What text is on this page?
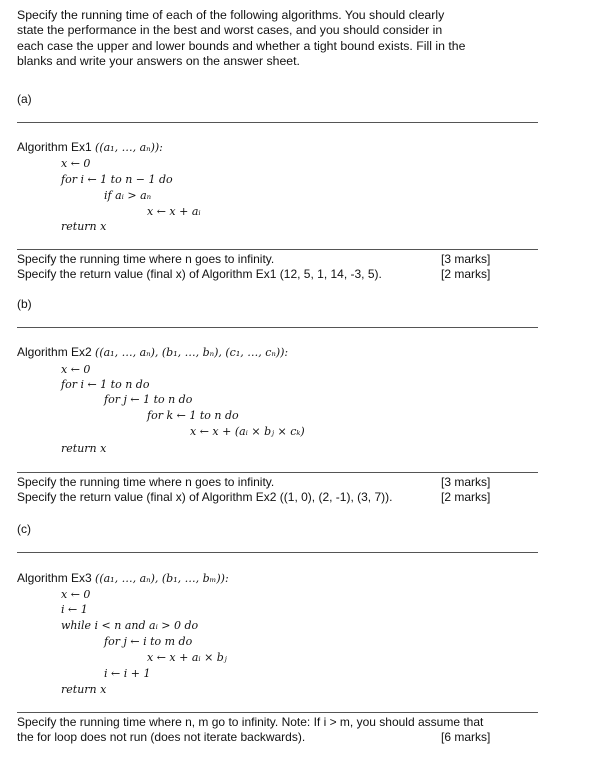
Specify the running time of each of the following algorithms. You should clearly
state the performance in the best and worst cases, and you should consider in
each case the upper and lower bounds and whether a tight bound exists. Fill in the
blanks and write your answers on the answer sheet.
(a)
Algorithm Ex1 ((a₁, …, aₙ)):
x ← 0
for i ← 1 to n − 1 do
if aᵢ > aₙ
x ← x + aᵢ
return x
Specify the running time where n goes to infinity.	[3 marks]
Specify the return value (final x) of Algorithm Ex1 (12, 5, 1, 14, -3, 5).	[2 marks]
(b)
Algorithm Ex2 ((a₁, …, aₙ), (b₁, …, bₙ), (c₁, …, cₙ)):
x ← 0
for i ← 1 to n do
for j ← 1 to n do
for k ← 1 to n do
x ← x + (aᵢ × bⱼ × cₖ)
return x
Specify the running time where n goes to infinity.	[3 marks]
Specify the return value (final x) of Algorithm Ex2 ((1, 0), (2, -1), (3, 7)).	[2 marks]
(c)
Algorithm Ex3 ((a₁, …, aₙ), (b₁, …, bₘ)):
x ← 0
i ← 1
while i < n and aᵢ > 0 do
for j ← i to m do
x ← x + aᵢ × bⱼ
i ← i + 1
return x
Specify the running time where n, m go to infinity. Note: If i > m, you should assume that
the for loop does not run (does not iterate backwards).	[6 marks]
